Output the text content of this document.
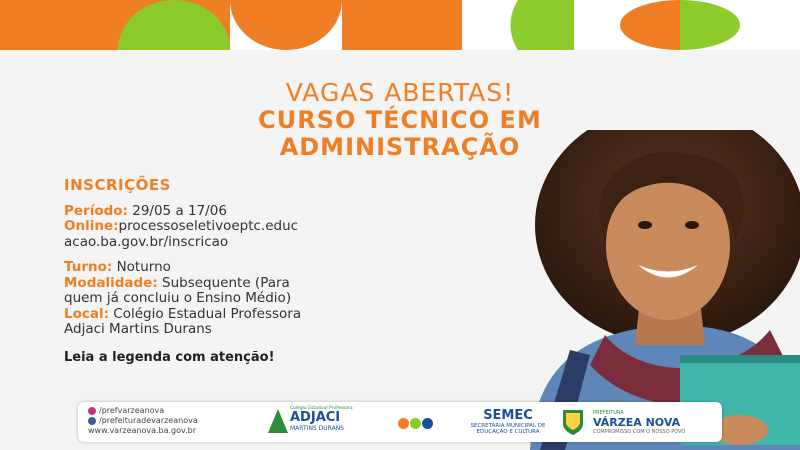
VAGAS ABERTAS!
CURSO TÉCNICO EM
ADMINISTRAÇÃO
INSCRIÇÕES
Período: 29/05 a 17/06
Online:processoseletivoeptc.educ
acao.ba.gov.br/inscricao
Turno: Noturno
Modalidade: Subsequente (Para
quem já concluiu o Ensino Médio)
Local: Colégio Estadual Professora
Adjaci Martins Durans
Leia a legenda com atenção!
/prefvarzeanova
/prefeituradevarzeanova
www.varzeanova.ba.gov.br
Colégio Estadual Professora
ADJACI
MARTINS DURANS
SEMEC
SECRETARIA MUNICIPAL DE EDUCAÇÃO E CULTURA
PREFEITURA
VÁRZEA NOVA
COMPROMISSO COM O NOSSO POVO
